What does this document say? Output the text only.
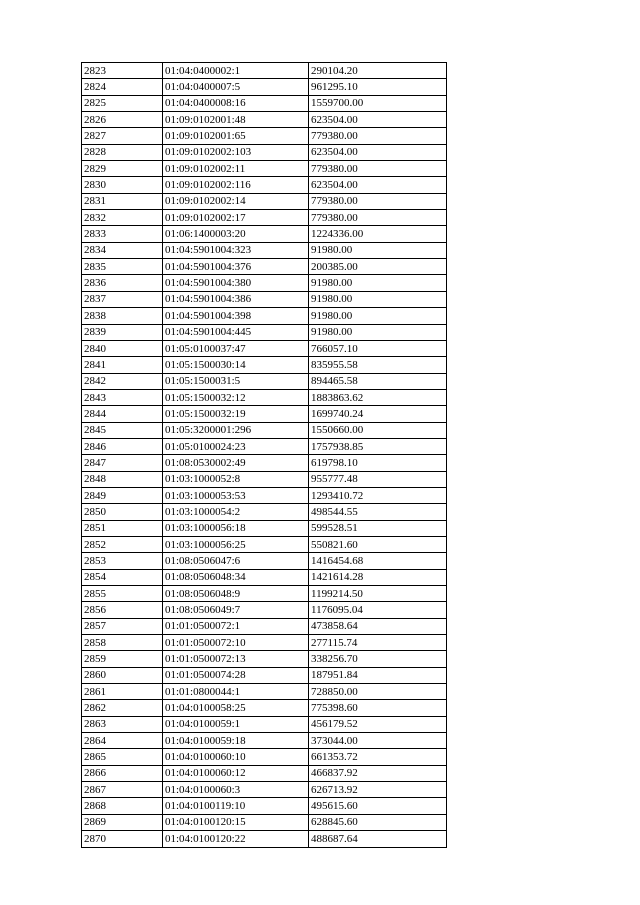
2823	01:04:0400002:1	290104.20
2824	01:04:0400007:5	961295.10
2825	01:04:0400008:16	1559700.00
2826	01:09:0102001:48	623504.00
2827	01:09:0102001:65	779380.00
2828	01:09:0102002:103	623504.00
2829	01:09:0102002:11	779380.00
2830	01:09:0102002:116	623504.00
2831	01:09:0102002:14	779380.00
2832	01:09:0102002:17	779380.00
2833	01:06:1400003:20	1224336.00
2834	01:04:5901004:323	91980.00
2835	01:04:5901004:376	200385.00
2836	01:04:5901004:380	91980.00
2837	01:04:5901004:386	91980.00
2838	01:04:5901004:398	91980.00
2839	01:04:5901004:445	91980.00
2840	01:05:0100037:47	766057.10
2841	01:05:1500030:14	835955.58
2842	01:05:1500031:5	894465.58
2843	01:05:1500032:12	1883863.62
2844	01:05:1500032:19	1699740.24
2845	01:05:3200001:296	1550660.00
2846	01:05:0100024:23	1757938.85
2847	01:08:0530002:49	619798.10
2848	01:03:1000052:8	955777.48
2849	01:03:1000053:53	1293410.72
2850	01:03:1000054:2	498544.55
2851	01:03:1000056:18	599528.51
2852	01:03:1000056:25	550821.60
2853	01:08:0506047:6	1416454.68
2854	01:08:0506048:34	1421614.28
2855	01:08:0506048:9	1199214.50
2856	01:08:0506049:7	1176095.04
2857	01:01:0500072:1	473858.64
2858	01:01:0500072:10	277115.74
2859	01:01:0500072:13	338256.70
2860	01:01:0500074:28	187951.84
2861	01:01:0800044:1	728850.00
2862	01:04:0100058:25	775398.60
2863	01:04:0100059:1	456179.52
2864	01:04:0100059:18	373044.00
2865	01:04:0100060:10	661353.72
2866	01:04:0100060:12	466837.92
2867	01:04:0100060:3	626713.92
2868	01:04:0100119:10	495615.60
2869	01:04:0100120:15	628845.60
2870	01:04:0100120:22	488687.64
